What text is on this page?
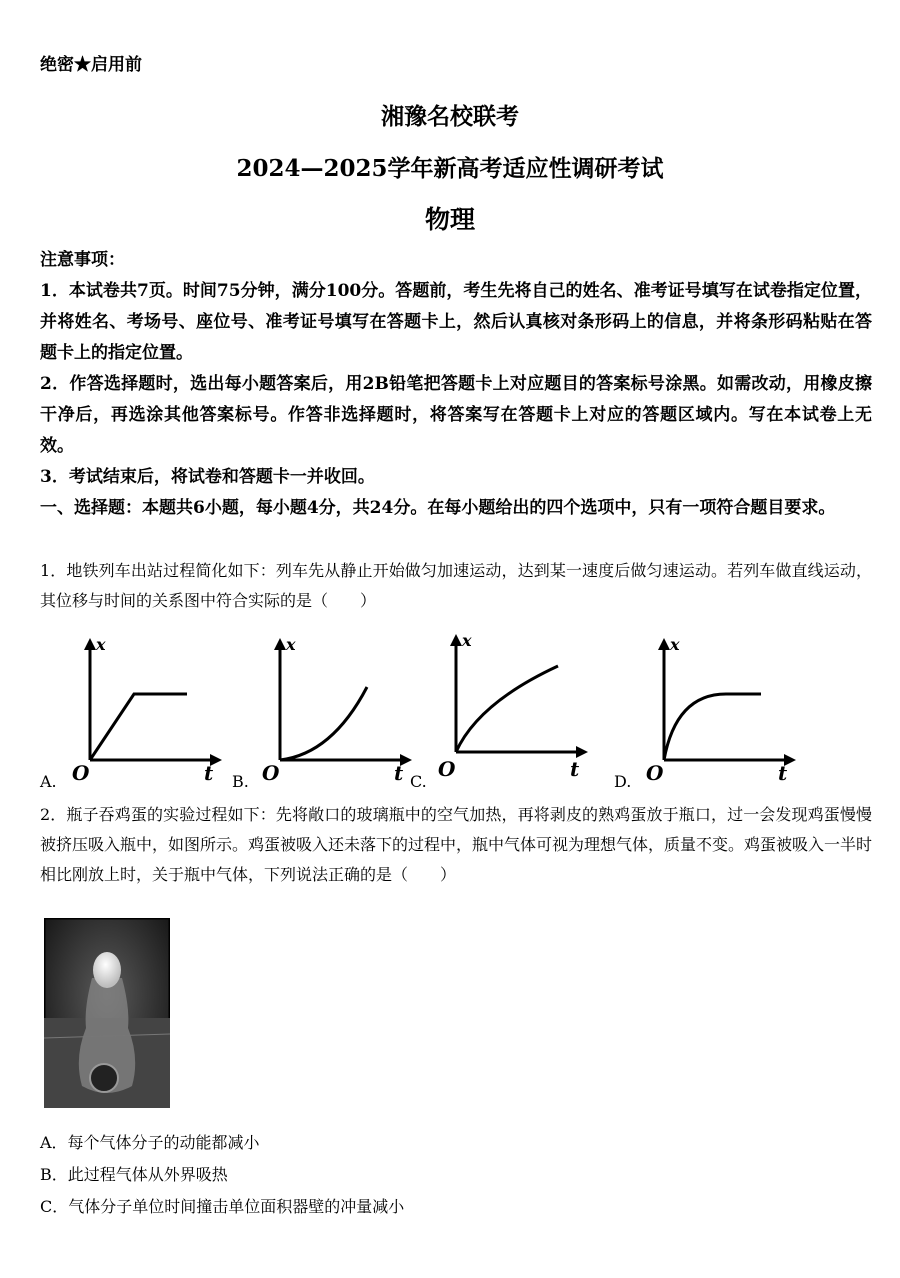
绝密★启用前
湘豫名校联考
2024—2025学年新高考适应性调研考试
物理

注意事项：

1．本试卷共7页。时间75分钟，满分100分。答题前，考生先将自己的姓名、准考证号填写在试卷指定位置，并将姓名、考场号、座位号、准考证号填写在答题卡上，然后认真核对条形码上的信息，并将条形码粘贴在答题卡上的指定位置。

2．作答选择题时，选出每小题答案后，用2B铅笔把答题卡上对应题目的答案标号涂黑。如需改动，用橡皮擦干净后，再选涂其他答案标号。作答非选择题时，将答案写在答题卡上对应的答题区域内。写在本试卷上无效。

3．考试结束后，将试卷和答题卡一并收回。

一、选择题：本题共6小题，每小题4分，共24分。在每小题给出的四个选项中，只有一项符合题目要求。

1．地铁列车出站过程简化如下：列车先从静止开始做匀加速运动，达到某一速度后做匀速运动。若列车做直线运动，其位移与时间的关系图中符合实际的是（　　）
A.
x
O	t B.
x
O	t C.
x
O	t
D.
x
O	t
2．瓶子吞鸡蛋的实验过程如下：先将敞口的玻璃瓶中的空气加热，再将剥皮的熟鸡蛋放于瓶口，过一会发现鸡蛋慢慢被挤压吸入瓶中，如图所示。鸡蛋被吸入还未落下的过程中，瓶中气体可视为理想气体，质量不变。鸡蛋被吸入一半时相比刚放上时，关于瓶中气体，下列说法正确的是（　　）
A．每个气体分子的动能都减小
B．此过程气体从外界吸热
C．气体分子单位时间撞击单位面积器壁的冲量减小
